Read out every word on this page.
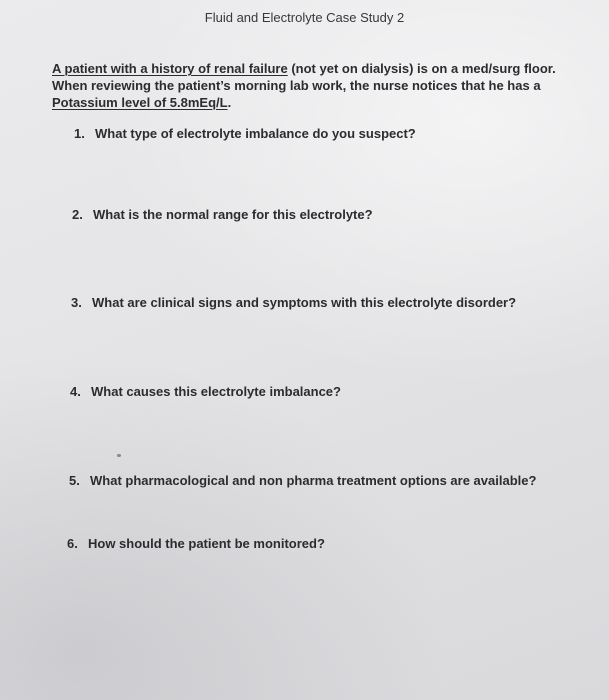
Fluid and Electrolyte Case Study 2

A patient with a history of renal failure (not yet on dialysis) is on a med/surg floor.
When reviewing the patient’s morning lab work, the nurse notices that he has a
Potassium level of 5.8mEq/L.

1. What type of electrolyte imbalance do you suspect?

2. What is the normal range for this electrolyte?

3. What are clinical signs and symptoms with this electrolyte disorder?

4. What causes this electrolyte imbalance?

5. What pharmacological and non pharma treatment options are available?

6. How should the patient be monitored?
